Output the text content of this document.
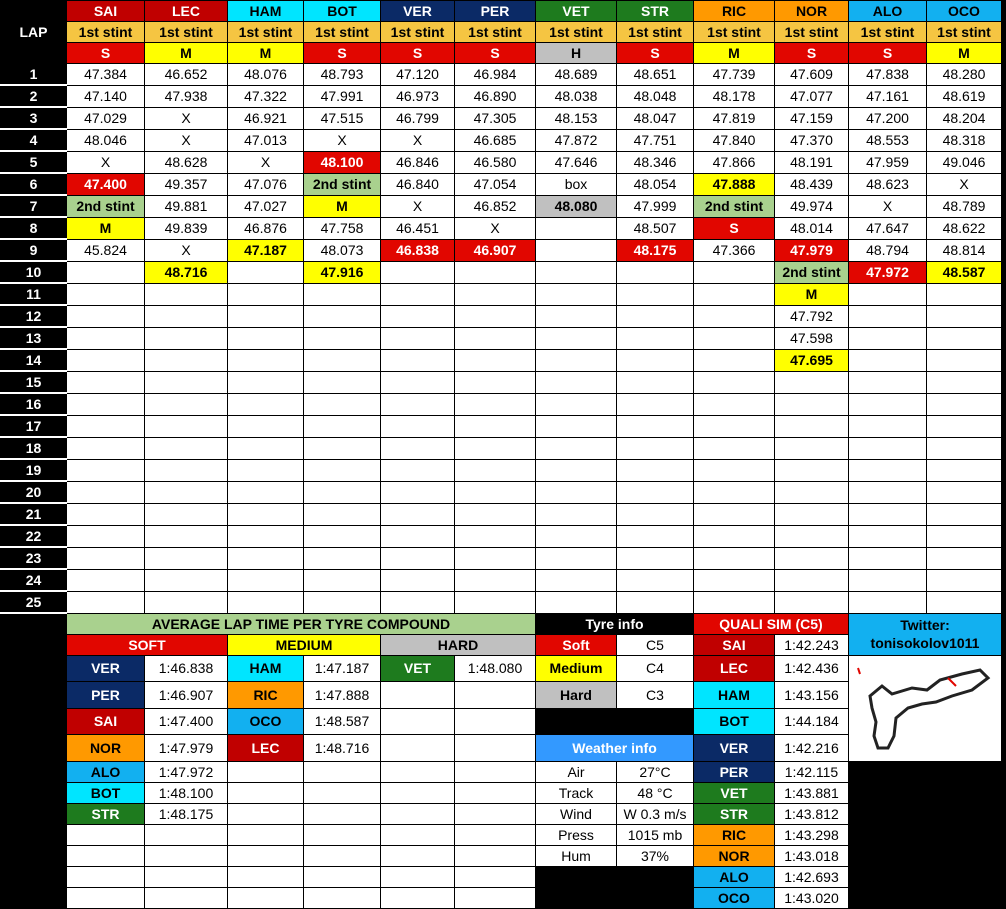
LAP	SAI	LEC	HAM	BOT	VER	PER	VET	STR	RIC	NOR	ALO	OCO
	1st stint	1st stint	1st stint	1st stint	1st stint	1st stint	1st stint	1st stint	1st stint	1st stint	1st stint	1st stint
	S	M	M	S	S	S	H	S	M	S	S	M
1	47.384	46.652	48.076	48.793	47.120	46.984	48.689	48.651	47.739	47.609	47.838	48.280
2	47.140	47.938	47.322	47.991	46.973	46.890	48.038	48.048	48.178	47.077	47.161	48.619
3	47.029	X	46.921	47.515	46.799	47.305	48.153	48.047	47.819	47.159	47.200	48.204
4	48.046	X	47.013	X	X	46.685	47.872	47.751	47.840	47.370	48.553	48.318
5	X	48.628	X	48.100	46.846	46.580	47.646	48.346	47.866	48.191	47.959	49.046
6	47.400	49.357	47.076	2nd stint	46.840	47.054	box	48.054	47.888	48.439	48.623	X
7	2nd stint	49.881	47.027	M	X	46.852	48.080	47.999	2nd stint	49.974	X	48.789
8	M	49.839	46.876	47.758	46.451	X		48.507	S	48.014	47.647	48.622
9	45.824	X	47.187	48.073	46.838	46.907		48.175	47.366	47.979	48.794	48.814
10		48.716		47.916						2nd stint	47.972	48.587
11										M		
12										47.792		
13										47.598		
14										47.695		
15												
16												
17												
18												
19												
20												
21												
22												
23												
24												
25												
	AVERAGE LAP TIME PER TYRE COMPOUND						Tyre info		QUALI SIM (C5)		Twitter:
tonisokolov1011	

	SOFT		MEDIUM		HARD		Soft	C5	SAI	1:42.243		
	VER	1:46.838	HAM	1:47.187	VET	1:48.080	Medium	C4	LEC	1:42.436	
	PER	1:46.907	RIC	1:47.888			Hard	C3	HAM	1:43.156		
	SAI	1:47.400	OCO	1:48.587					BOT	1:44.184		
	NOR	1:47.979	LEC	1:48.716			Weather info		VER	1:42.216		
	ALO	1:47.972					Air	27°C	PER	1:42.115		
	BOT	1:48.100					Track	48 °C	VET	1:43.881		
	STR	1:48.175					Wind	W 0.3 m/s	STR	1:43.812		
							Press	1015 mb	RIC	1:43.298		
							Hum	37%	NOR	1:43.018		
									ALO	1:42.693		
									OCO	1:43.020		
